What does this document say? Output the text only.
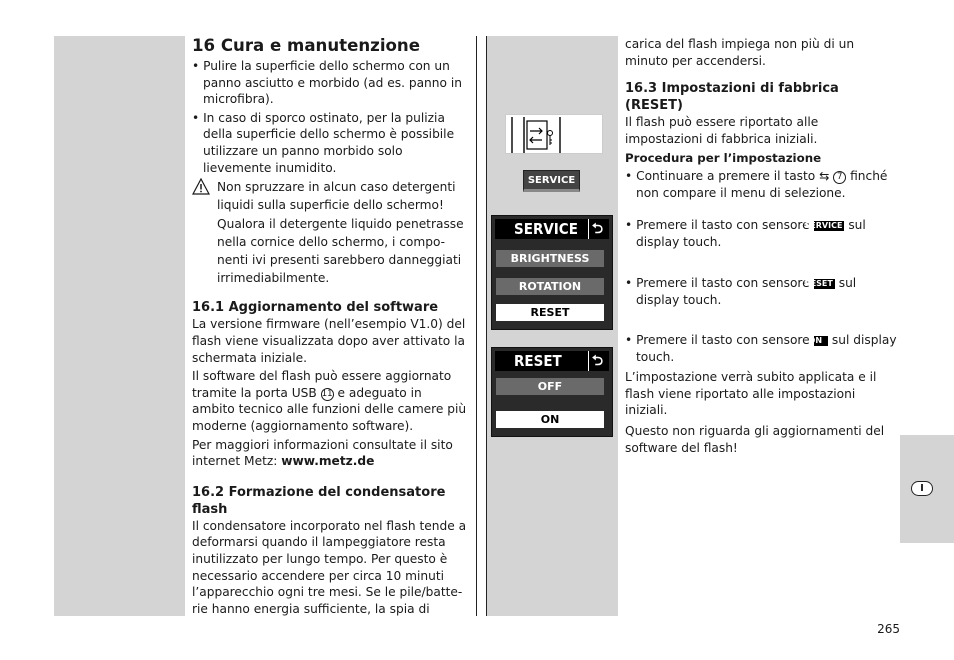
I
16 Cura e manutenzione
• Pulire la superficie dello schermo con un panno asciutto e morbido (ad es. panno in microfibra).
• In caso di sporco ostinato, per la pulizia della superficie dello schermo è possibile utilizzare un panno morbido solo lievemente inumidito.
Non spruzzare in alcun caso detergenti liquidi sulla superficie dello schermo! Qualora il detergente liquido penetrasse nella cornice dello schermo, i compo-nenti ivi presenti sarebbero danneggiati irrimediabilmente.
16.1 Aggiornamento del software
La versione firmware (nell’esempio V1.0) del flash viene visualizzata dopo aver attivato la schermata iniziale.
Il software del flash può essere aggiornato tramite la porta USB 11 e adeguato in ambito tecnico alle funzioni delle camere più moderne (aggiornamento software).
Per maggiori informazioni consultate il sito internet Metz: www.metz.de
16.2 Formazione del condensatore flash
Il condensatore incorporato nel flash tende a deformarsi quando il lampeggiatore resta inutilizzato per lungo tempo. Per questo è necessario accendere per circa 10 minuti l’apparecchio ogni tre mesi. Se le pile/batte-rie hanno energia sufficiente, la spia di
SERVICE
SERVICE ⮌
BRIGHTNESS
ROTATION
RESET
RESET ⮌
OFF
ON
carica del flash impiega non più di un minuto per accendersi.
16.3 Impostazioni di fabbrica (RESET)
Il flash può essere riportato alle impostazioni di fabbrica iniziali.
Procedura per l’impostazione
• Continuare a premere il tasto ⇆ 7 finché non compare il menu di selezione.
• Premere il tasto con sensore SERVICE sul display touch.
• Premere il tasto con sensore RESET sul display touch.
• Premere il tasto con sensore ON sul display touch.
L’impostazione verrà subito applicata e il flash viene riportato alle impostazioni iniziali.
Questo non riguarda gli aggiornamenti del software del flash!
265
